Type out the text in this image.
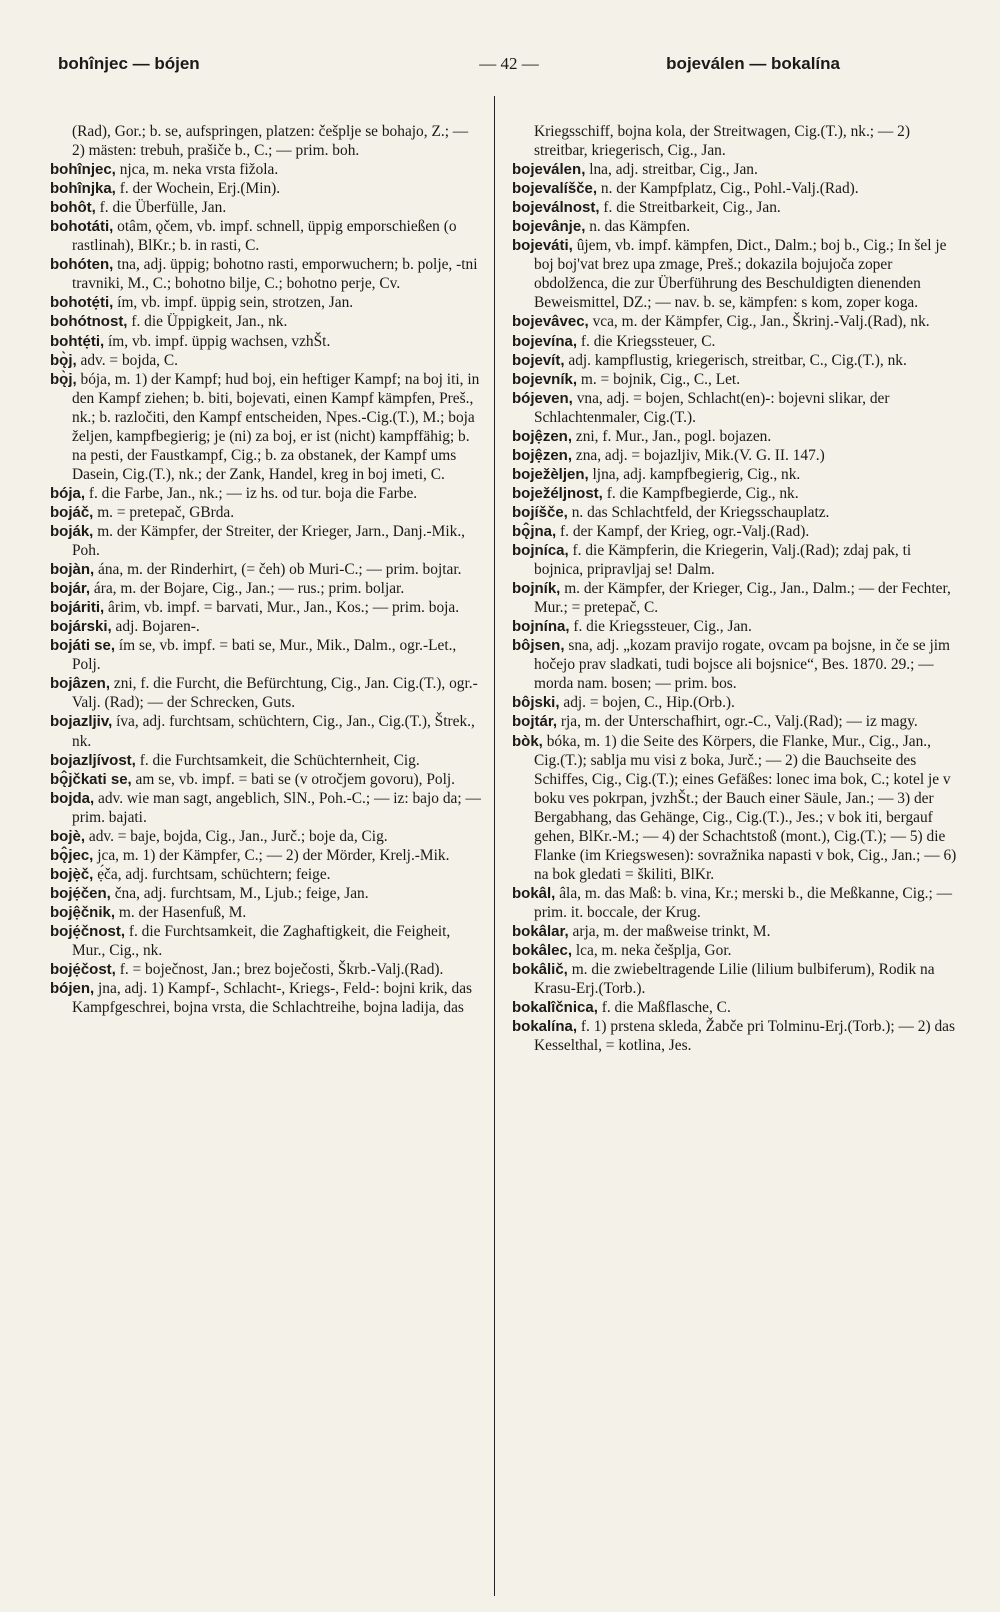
bohînjec — bójen	— 42 —	bojeválen — bokalína

(Rad), Gor.; b. se, aufspringen, platzen: češplje se bohajo, Z.; — 2) mästen: trebuh, prašiče b., C.; — prim. boh.

bohînjec, njca, m. neka vrsta fižola.

bohînjka, f. der Wochein, Erj.(Min).

bohôt, f. die Überfülle, Jan.

bohotáti, otâm, ǫčem, vb. impf. schnell, üppig emporschießen (o rastlinah), BlKr.; b. in rasti, C.

bohóten, tna, adj. üppig; bohotno rasti, emporwuchern; b. polje, -tni travniki, M., C.; bohotno bilje, C.; bohotno perje, Cv.

bohotẹ́ti, ím, vb. impf. üppig sein, strotzen, Jan.

bohótnost, f. die Üppigkeit, Jan., nk.

bohtẹ́ti, ím, vb. impf. üppig wachsen, vzhŠt.

bǫ̀j, adv. = bojda, C.

bǫ̀j, bója, m. 1) der Kampf; hud boj, ein heftiger Kampf; na boj iti, in den Kampf ziehen; b. biti, bojevati, einen Kampf kämpfen, Preš., nk.; b. razločiti, den Kampf entscheiden, Npes.-Cig.(T.), M.; boja željen, kampfbegierig; je (ni) za boj, er ist (nicht) kampffähig; b. na pesti, der Faustkampf, Cig.; b. za obstanek, der Kampf ums Dasein, Cig.(T.), nk.; der Zank, Handel, kreg in boj imeti, C.

bója, f. die Farbe, Jan., nk.; — iz hs. od tur. boja die Farbe.

bojáč, m. = pretepač, GBrda.

boják, m. der Kämpfer, der Streiter, der Krieger, Jarn., Danj.-Mik., Poh.

bojàn, ána, m. der Rinderhirt, (= čeh) ob Muri-C.; — prim. bojtar.

bojár, ára, m. der Bojare, Cig., Jan.; — rus.; prim. boljar.

bojáriti, ârim, vb. impf. = barvati, Mur., Jan., Kos.; — prim. boja.

bojárski, adj. Bojaren-.

bojáti se, ím se, vb. impf. = bati se, Mur., Mik., Dalm., ogr.-Let., Polj.

bojâzen, zni, f. die Furcht, die Befürchtung, Cig., Jan. Cig.(T.), ogr.-Valj. (Rad); — der Schrecken, Guts.

bojazljiv, íva, adj. furchtsam, schüchtern, Cig., Jan., Cig.(T.), Štrek., nk.

bojazljívost, f. die Furchtsamkeit, die Schüchternheit, Cig.

bǫ̂jčkati se, am se, vb. impf. = bati se (v otročjem govoru), Polj.

bojda, adv. wie man sagt, angeblich, SlN., Poh.-C.; — iz: bajo da; — prim. bajati.

bojè, adv. = baje, bojda, Cig., Jan., Jurč.; boje da, Cig.

bǫ̂jec, jca, m. 1) der Kämpfer, C.; — 2) der Mörder, Krelj.-Mik.

bojẹ̀č, ẹ́ča, adj. furchtsam, schüchtern; feige.

bojẹ́čen, čna, adj. furchtsam, M., Ljub.; feige, Jan.

bojệčnik, m. der Hasenfuß, M.

bojẹ́čnost, f. die Furchtsamkeit, die Zaghaftigkeit, die Feigheit, Mur., Cig., nk.

bojẹ́čost, f. = boječnost, Jan.; brez boječosti, Škrb.-Valj.(Rad).

bójen, jna, adj. 1) Kampf-, Schlacht-, Kriegs-, Feld-: bojni krik, das Kampfgeschrei, bojna vrsta, die Schlachtreihe, bojna ladija, das

Kriegsschiff, bojna kola, der Streitwagen, Cig.(T.), nk.; — 2) streitbar, kriegerisch, Cig., Jan.

bojeválen, lna, adj. streitbar, Cig., Jan.

bojevalíšče, n. der Kampfplatz, Cig., Pohl.-Valj.(Rad).

bojeválnost, f. die Streitbarkeit, Cig., Jan.

bojevânje, n. das Kämpfen.

bojeváti, ûjem, vb. impf. kämpfen, Dict., Dalm.; boj b., Cig.; In šel je boj boj'vat brez upa zmage, Preš.; dokazila bojujoča zoper obdolženca, die zur Überführung des Beschuldigten dienenden Beweismittel, DZ.; — nav. b. se, kämpfen: s kom, zoper koga.

bojevâvec, vca, m. der Kämpfer, Cig., Jan., Škrinj.-Valj.(Rad), nk.

bojevína, f. die Kriegssteuer, C.

bojevít, adj. kampflustig, kriegerisch, streitbar, C., Cig.(T.), nk.

bojevník, m. = bojnik, Cig., C., Let.

bójeven, vna, adj. = bojen, Schlacht(en)-: bojevni slikar, der Schlachtenmaler, Cig.(T.).

bojệzen, zni, f. Mur., Jan., pogl. bojazen.

bojệzen, zna, adj. = bojazljiv, Mik.(V. G. II. 147.)

boježèljen, ljna, adj. kampfbegierig, Cig., nk.

boježéljnost, f. die Kampfbegierde, Cig., nk.

bojíšče, n. das Schlachtfeld, der Kriegsschauplatz.

bǫ̂jna, f. der Kampf, der Krieg, ogr.-Valj.(Rad).

bojníca, f. die Kämpferin, die Kriegerin, Valj.(Rad); zdaj pak, ti bojnica, pripravljaj se! Dalm.

bojník, m. der Kämpfer, der Krieger, Cig., Jan., Dalm.; — der Fechter, Mur.; = pretepač, C.

bojnína, f. die Kriegssteuer, Cig., Jan.

bôjsen, sna, adj. „kozam pravijo rogate, ovcam pa bojsne, in če se jim hočejo prav sladkati, tudi bojsce ali bojsnice“, Bes. 1870. 29.; — morda nam. bosen; — prim. bos.

bôjski, adj. = bojen, C., Hip.(Orb.).

bojtár, rja, m. der Unterschafhirt, ogr.-C., Valj.(Rad); — iz magy.

bòk, bóka, m. 1) die Seite des Körpers, die Flanke, Mur., Cig., Jan., Cig.(T.); sablja mu visi z boka, Jurč.; — 2) die Bauchseite des Schiffes, Cig., Cig.(T.); eines Gefäßes: lonec ima bok, C.; kotel je v boku ves pokrpan, jvzhŠt.; der Bauch einer Säule, Jan.; — 3) der Bergabhang, das Gehänge, Cig., Cig.(T.)., Jes.; v bok iti, bergauf gehen, BlKr.-M.; — 4) der Schachtstoß (mont.), Cig.(T.); — 5) die Flanke (im Kriegswesen): sovražnika napasti v bok, Cig., Jan.; — 6) na bok gledati = škiliti, BlKr.

bokâl, âla, m. das Maß: b. vina, Kr.; merski b., die Meßkanne, Cig.; — prim. it. boccale, der Krug.

bokâlar, arja, m. der maßweise trinkt, M.

bokâlec, lca, m. neka češplja, Gor.

bokâlič, m. die zwiebeltragende Lilie (lilium bulbiferum), Rodik na Krasu-Erj.(Torb.).

bokalîčnica, f. die Maßflasche, C.

bokalína, f. 1) prstena skleda, Žabče pri Tolminu-Erj.(Torb.); — 2) das Kesselthal, = kotlina, Jes.
